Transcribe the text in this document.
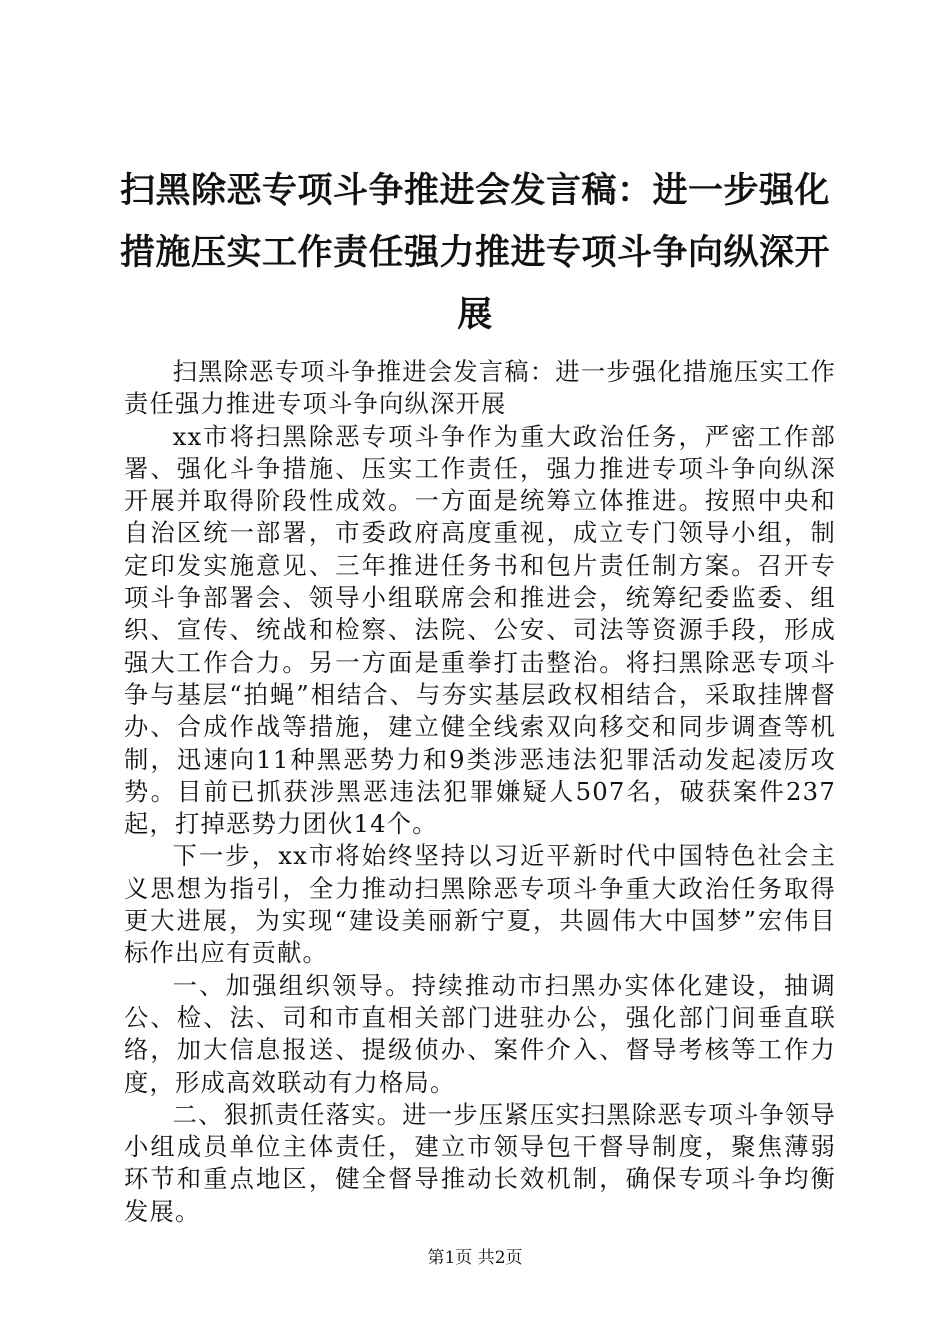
扫黑除恶专项斗争推进会发言稿：进一步强化措施压实工作责任强力推进专项斗争向纵深开展

扫黑除恶专项斗争推进会发言稿：进一步强化措施压实工作责任强力推进专项斗争向纵深开展

xx市将扫黑除恶专项斗争作为重大政治任务，严密工作部署、强化斗争措施、压实工作责任，强力推进专项斗争向纵深开展并取得阶段性成效。一方面是统筹立体推进。按照中央和自治区统一部署，市委政府高度重视，成立专门领导小组，制定印发实施意见、三年推进任务书和包片责任制方案。召开专项斗争部署会、领导小组联席会和推进会，统筹纪委监委、组织、宣传、统战和检察、法院、公安、司法等资源手段，形成强大工作合力。另一方面是重拳打击整治。将扫黑除恶专项斗争与基层“拍蝇”相结合、与夯实基层政权相结合，采取挂牌督办、合成作战等措施，建立健全线索双向移交和同步调查等机制，迅速向11种黑恶势力和9类涉恶违法犯罪活动发起凌厉攻势。目前已抓获涉黑恶违法犯罪嫌疑人507名，破获案件237起，打掉恶势力团伙14个。

下一步，xx市将始终坚持以习近平新时代中国特色社会主义思想为指引，全力推动扫黑除恶专项斗争重大政治任务取得更大进展，为实现“建设美丽新宁夏，共圆伟大中国梦”宏伟目标作出应有贡献。

一、加强组织领导。持续推动市扫黑办实体化建设，抽调公、检、法、司和市直相关部门进驻办公，强化部门间垂直联络，加大信息报送、提级侦办、案件介入、督导考核等工作力度，形成高效联动有力格局。

二、狠抓责任落实。进一步压紧压实扫黑除恶专项斗争领导小组成员单位主体责任，建立市领导包干督导制度，聚焦薄弱环节和重点地区，健全督导推动长效机制，确保专项斗争均衡发展。

第1页 共2页
